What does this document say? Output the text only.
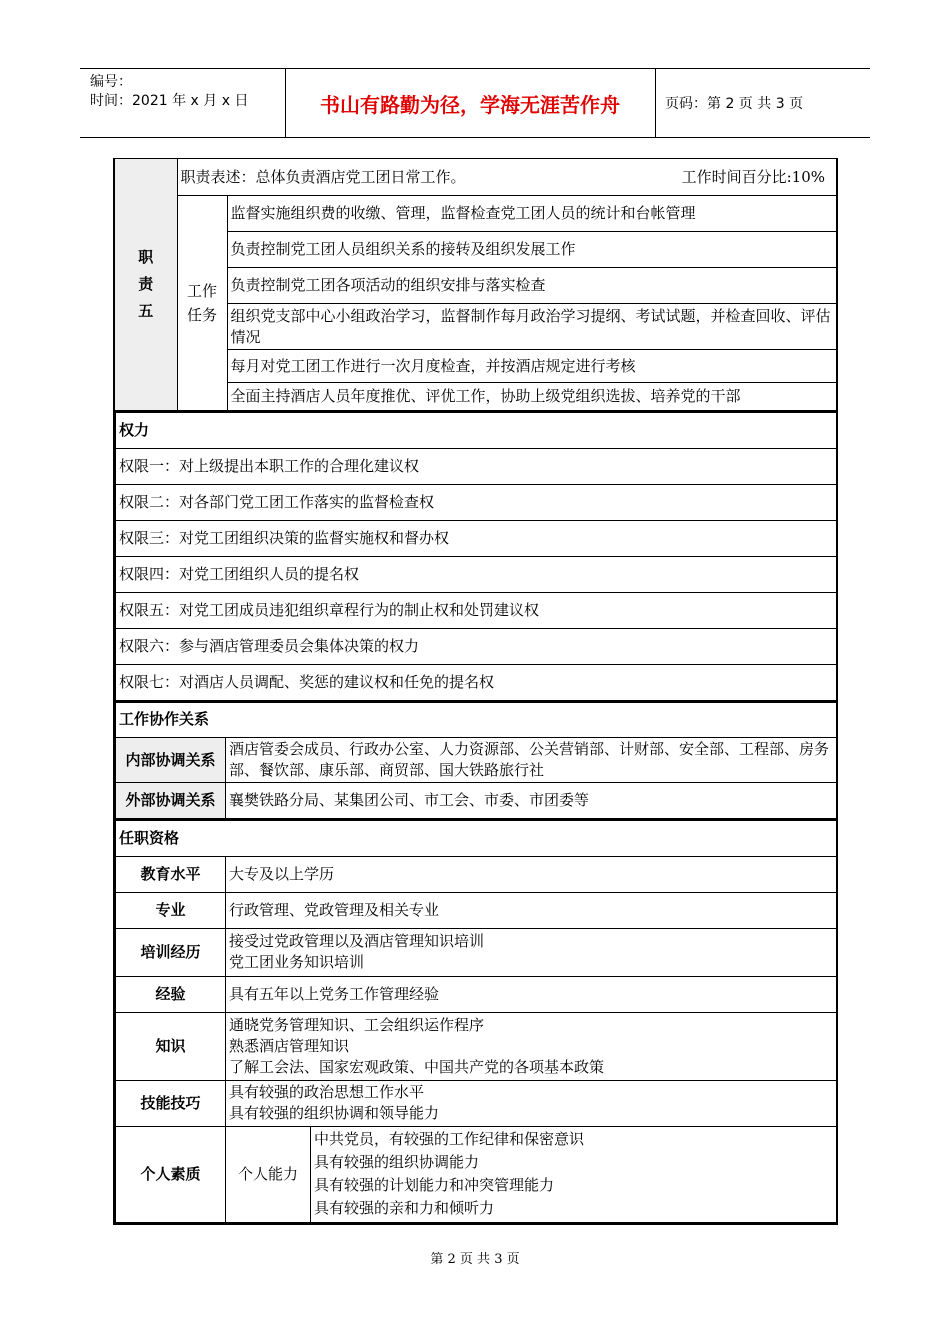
编号：
时间：2021 年 x 月 x 日	书山有路勤为径，学海无涯苦作舟	页码：第 2 页 共 3 页
职
责
五	职责表述：总体负责酒店党工团日常工作。 工作时间百分比:10%	

	工作
任务	监督实施组织费的收缴、管理，监督检查党工团人员的统计和台帐管理
		负责控制党工团人员组织关系的接转及组织发展工作
		负责控制党工团各项活动的组织安排与落实检查
		组织党支部中心小组政治学习，监督制作每月政治学习提纲、考试试题，并检查回收、评估情况
		每月对党工团工作进行一次月度检查，并按酒店规定进行考核
		全面主持酒店人员年度推优、评优工作，协助上级党组织选拔、培养党的干部
权力
权限一：对上级提出本职工作的合理化建议权
权限二：对各部门党工团工作落实的监督检查权
权限三：对党工团组织决策的监督实施权和督办权
权限四：对党工团组织人员的提名权
权限五：对党工团成员违犯组织章程行为的制止权和处罚建议权
权限六：参与酒店管理委员会集体决策的权力
权限七：对酒店人员调配、奖惩的建议权和任免的提名权
工作协作关系	
内部协调关系	酒店管委会成员、行政办公室、人力资源部、公关营销部、计财部、安全部、工程部、房务部、餐饮部、康乐部、商贸部、国大铁路旅行社
外部协调关系	襄樊铁路分局、某集团公司、市工会、市委、市团委等
任职资格		
教育水平	大专及以上学历	
专业	行政管理、党政管理及相关专业	
培训经历	接受过党政管理以及酒店管理知识培训
党工团业务知识培训	

经验	具有五年以上党务工作管理经验	
知识	通晓党务管理知识、工会组织运作程序
熟悉酒店管理知识
了解工会法、国家宏观政策、中国共产党的各项基本政策	

技能技巧	具有较强的政治思想工作水平
具有较强的组织协调和领导能力	

个人素质	个人能力	中共党员，有较强的工作纪律和保密意识
具有较强的组织协调能力
具有较强的计划能力和冲突管理能力
具有较强的亲和力和倾听力
第 2 页 共 3 页
